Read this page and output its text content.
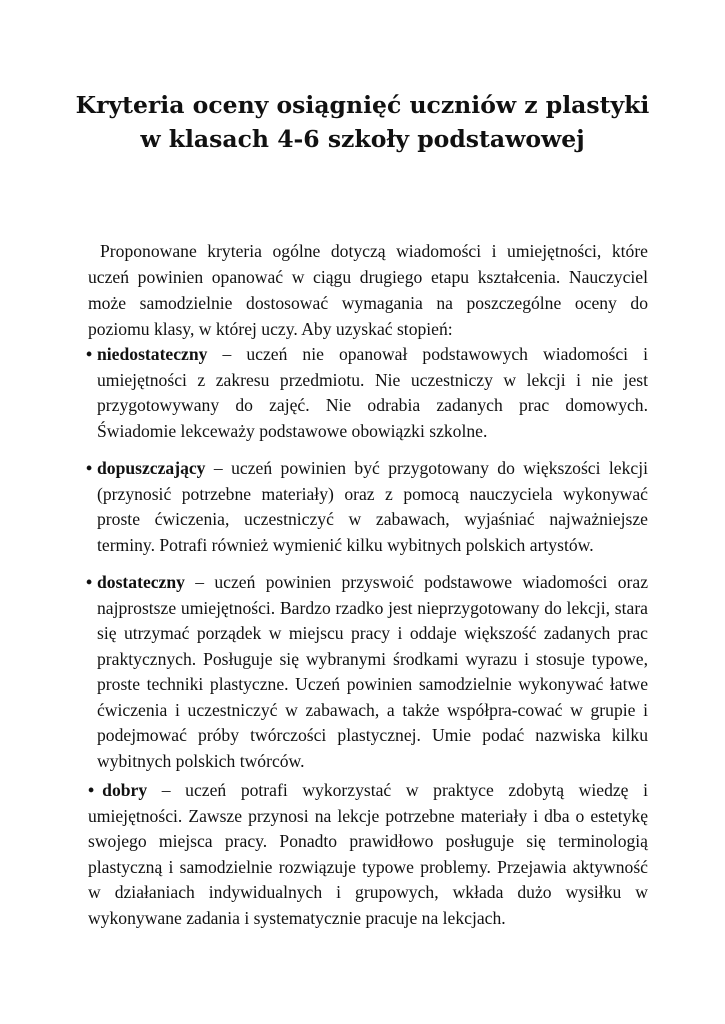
Kryteria oceny osiągnięć uczniów z plastyki
w klasach 4-6 szkoły podstawowej

Proponowane kryteria ogólne dotyczą wiadomości i umiejętności, które uczeń powinien opanować w ciągu drugiego etapu kształcenia. Nauczyciel może samodzielnie dostosować wymagania na poszczególne oceny do poziomu klasy, w której uczy. Aby uzyskać stopień:

• niedostateczny – uczeń nie opanował podstawowych wiadomości i umiejętności z zakresu przedmiotu. Nie uczestniczy w lekcji i nie jest przygotowywany do zajęć. Nie odrabia zadanych prac domowych. Świadomie lekceważy podstawowe obowiązki szkolne.

• dopuszczający – uczeń powinien być przygotowany do większości lekcji (przynosić potrzebne materiały) oraz z pomocą nauczyciela wykonywać proste ćwiczenia, uczestniczyć w zabawach, wyjaśniać najważniejsze terminy. Potrafi również wymienić kilku wybitnych polskich artystów.

• dostateczny – uczeń powinien przyswoić podstawowe wiadomości oraz najprostsze umiejętności. Bardzo rzadko jest nieprzygotowany do lekcji, stara się utrzymać porządek w miejscu pracy i oddaje większość zadanych prac praktycznych. Posługuje się wybranymi środkami wyrazu i stosuje typowe, proste techniki plastyczne. Uczeń powinien samodzielnie wykonywać łatwe ćwiczenia i uczestniczyć w zabawach, a także współpra-cować w grupie i podejmować próby twórczości plastycznej. Umie podać nazwiska kilku wybitnych polskich twórców.

• dobry – uczeń potrafi wykorzystać w praktyce zdobytą wiedzę i umiejętności. Zawsze przynosi na lekcje potrzebne materiały i dba o estetykę swojego miejsca pracy. Ponadto prawidłowo posługuje się terminologią plastyczną i samodzielnie rozwiązuje typowe problemy. Przejawia aktywność w działaniach indywidualnych i grupowych, wkłada dużo wysiłku w wykonywane zadania i systematycznie pracuje na lekcjach.
